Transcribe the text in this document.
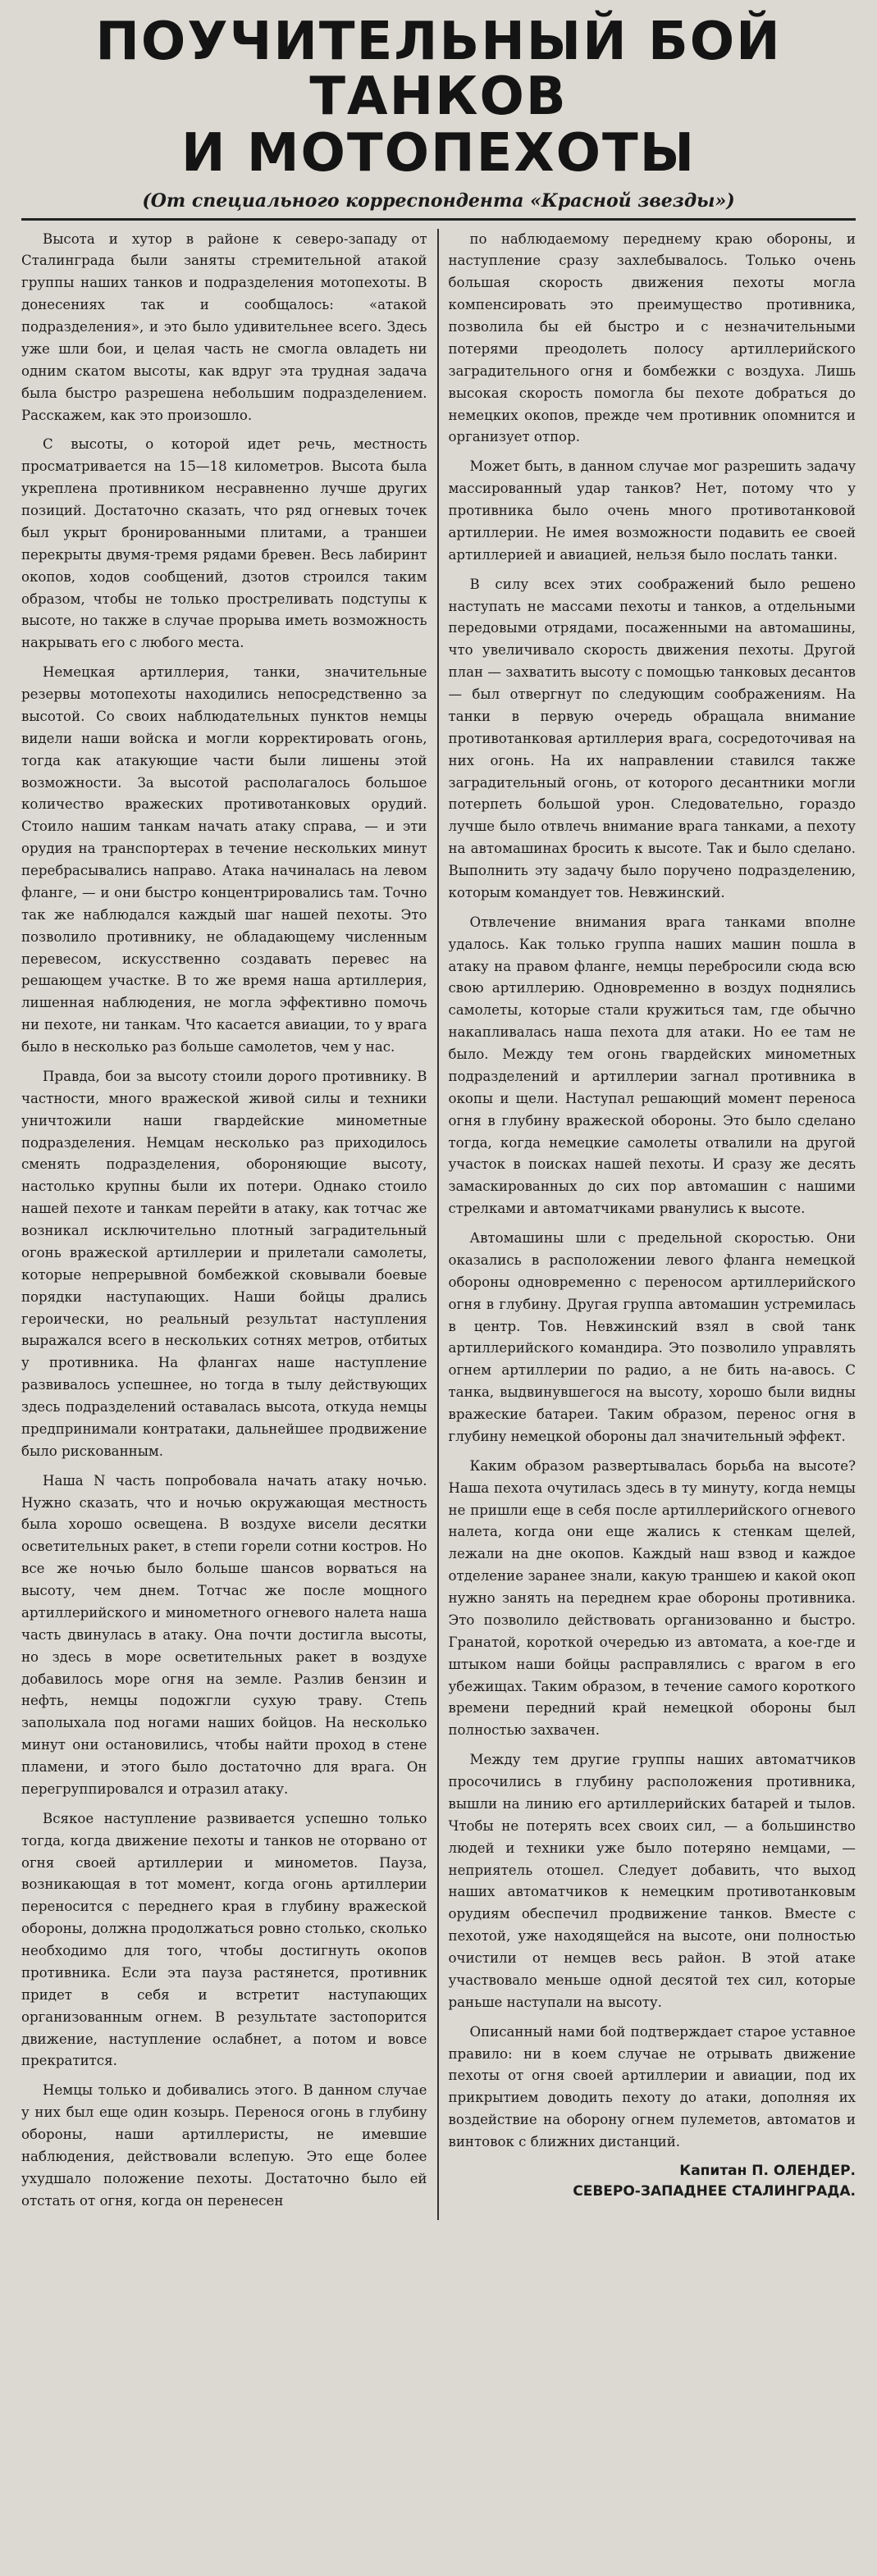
ПОУЧИТЕЛЬНЫЙ БОЙ ТАНКОВ
И МОТОПЕХОТЫ
(От специального корреспондента «Красной звезды»)

Высота и хутор в районе к северо-западу от Сталинграда были заняты стремительной атакой группы наших танков и подразделения мотопехоты. В донесениях так и сообщалось: «атакой подразделения», и это было удивительнее всего. Здесь уже шли бои, и целая часть не смогла овладеть ни одним скатом высоты, как вдруг эта трудная задача была быстро разрешена небольшим подразделением. Расскажем, как это произошло.

С высоты, о которой идет речь, местность просматривается на 15—18 километров. Высота была укреплена противником несравненно лучше других позиций. Достаточно сказать, что ряд огневых точек был укрыт бронированными плитами, а траншеи перекрыты двумя-тремя рядами бревен. Весь лабиринт окопов, ходов сообщений, дзотов строился таким образом, чтобы не только простреливать подступы к высоте, но также в случае прорыва иметь возможность накрывать его с любого места.

Немецкая артиллерия, танки, значительные резервы мотопехоты находились непосредственно за высотой. Со своих наблюдательных пунктов немцы видели наши войска и могли корректировать огонь, тогда как атакующие части были лишены этой возможности. За высотой располагалось большое количество вражеских противотанковых орудий. Стоило нашим танкам начать атаку справа, — и эти орудия на транспортерах в течение нескольких минут перебрасывались направо. Атака начиналась на левом фланге, — и они быстро концентрировались там. Точно так же наблюдался каждый шаг нашей пехоты. Это позволило противнику, не обладающему численным перевесом, искусственно создавать перевес на решающем участке. В то же время наша артиллерия, лишенная наблюдения, не могла эффективно помочь ни пехоте, ни танкам. Что касается авиации, то у врага было в несколько раз больше самолетов, чем у нас.

Правда, бои за высоту стоили дорого противнику. В частности, много вражеской живой силы и техники уничтожили наши гвардейские минометные подразделения. Немцам несколько раз приходилось сменять подразделения, обороняющие высоту, настолько крупны были их потери. Однако стоило нашей пехоте и танкам перейти в атаку, как тотчас же возникал исключительно плотный заградительный огонь вражеской артиллерии и прилетали самолеты, которые непрерывной бомбежкой сковывали боевые порядки наступающих. Наши бойцы дрались героически, но реальный результат наступления выражался всего в нескольких сотнях метров, отбитых у противника. На флангах наше наступление развивалось успешнее, но тогда в тылу действующих здесь подразделений оставалась высота, откуда немцы предпринимали контратаки, дальнейшее продвижение было рискованным.

Наша N часть попробовала начать атаку ночью. Нужно сказать, что и ночью окружающая местность была хорошо освещена. В воздухе висели десятки осветительных ракет, в степи горели сотни костров. Но все же ночью было больше шансов ворваться на высоту, чем днем. Тотчас же после мощного артиллерийского и минометного огневого налета наша часть двинулась в атаку. Она почти достигла высоты, но здесь в море осветительных ракет в воздухе добавилось море огня на земле. Разлив бензин и нефть, немцы подожгли сухую траву. Степь заполыхала под ногами наших бойцов. На несколько минут они остановились, чтобы найти проход в стене пламени, и этого было достаточно для врага. Он перегруппировался и отразил атаку.

Всякое наступление развивается успешно только тогда, когда движение пехоты и танков не оторвано от огня своей артиллерии и минометов. Пауза, возникающая в тот момент, когда огонь артиллерии переносится с переднего края в глубину вражеской обороны, должна продолжаться ровно столько, сколько необходимо для того, чтобы достигнуть окопов противника. Если эта пауза растянется, противник придет в себя и встретит наступающих организованным огнем. В результате застопорится движение, наступление ослабнет, а потом и вовсе прекратится.

Немцы только и добивались этого. В данном случае у них был еще один козырь. Перенося огонь в глубину обороны, наши артиллеристы, не имевшие наблюдения, действовали вслепую. Это еще более ухудшало положение пехоты. Достаточно было ей отстать от огня, когда он перенесен

по наблюдаемому переднему краю обороны, и наступление сразу захлебывалось. Только очень большая скорость движения пехоты могла компенсировать это преимущество противника, позволила бы ей быстро и с незначительными потерями преодолеть полосу артиллерийского заградительного огня и бомбежки с воздуха. Лишь высокая скорость помогла бы пехоте добраться до немецких окопов, прежде чем противник опомнится и организует отпор.

Может быть, в данном случае мог разрешить задачу массированный удар танков? Нет, потому что у противника было очень много противотанковой артиллерии. Не имея возможности подавить ее своей артиллерией и авиацией, нельзя было послать танки.

В силу всех этих соображений было решено наступать не массами пехоты и танков, а отдельными передовыми отрядами, посаженными на автомашины, что увеличивало скорость движения пехоты. Другой план — захватить высоту с помощью танковых десантов — был отвергнут по следующим соображениям. На танки в первую очередь обращала внимание противотанковая артиллерия врага, сосредоточивая на них огонь. На их направлении ставился также заградительный огонь, от которого десантники могли потерпеть большой урон. Следовательно, гораздо лучше было отвлечь внимание врага танками, а пехоту на автомашинах бросить к высоте. Так и было сделано. Выполнить эту задачу было поручено подразделению, которым командует тов. Невжинский.

Отвлечение внимания врага танками вполне удалось. Как только группа наших машин пошла в атаку на правом фланге, немцы перебросили сюда всю свою артиллерию. Одновременно в воздух поднялись самолеты, которые стали кружиться там, где обычно накапливалась наша пехота для атаки. Но ее там не было. Между тем огонь гвардейских минометных подразделений и артиллерии загнал противника в окопы и щели. Наступал решающий момент переноса огня в глубину вражеской обороны. Это было сделано тогда, когда немецкие самолеты отвалили на другой участок в поисках нашей пехоты. И сразу же десять замаскированных до сих пор автомашин с нашими стрелками и автоматчиками рванулись к высоте.

Автомашины шли с предельной скоростью. Они оказались в расположении левого фланга немецкой обороны одновременно с переносом артиллерийского огня в глубину. Другая группа автомашин устремилась в центр. Тов. Невжинский взял в свой танк артиллерийского командира. Это позволило управлять огнем артиллерии по радио, а не бить на-авось. С танка, выдвинувшегося на высоту, хорошо были видны вражеские батареи. Таким образом, перенос огня в глубину немецкой обороны дал значительный эффект.

Каким образом развертывалась борьба на высоте? Наша пехота очутилась здесь в ту минуту, когда немцы не пришли еще в себя после артиллерийского огневого налета, когда они еще жались к стенкам щелей, лежали на дне окопов. Каждый наш взвод и каждое отделение заранее знали, какую траншею и какой окоп нужно занять на переднем крае обороны противника. Это позволило действовать организованно и быстро. Гранатой, короткой очередью из автомата, а кое-где и штыком наши бойцы расправлялись с врагом в его убежищах. Таким образом, в течение самого короткого времени передний край немецкой обороны был полностью захвачен.

Между тем другие группы наших автоматчиков просочились в глубину расположения противника, вышли на линию его артиллерийских батарей и тылов. Чтобы не потерять всех своих сил, — а большинство людей и техники уже было потеряно немцами, — неприятель отошел. Следует добавить, что выход наших автоматчиков к немецким противотанковым орудиям обеспечил продвижение танков. Вместе с пехотой, уже находящейся на высоте, они полностью очистили от немцев весь район. В этой атаке участвовало меньше одной десятой тех сил, которые раньше наступали на высоту.

Описанный нами бой подтверждает старое уставное правило: ни в коем случае не отрывать движение пехоты от огня своей артиллерии и авиации, под их прикрытием доводить пехоту до атаки, дополняя их воздействие на оборону огнем пулеметов, автоматов и винтовок с ближних дистанций.

Капитан П. ОЛЕНДЕР.
СЕВЕРО-ЗАПАДНЕЕ СТАЛИНГРАДА.
